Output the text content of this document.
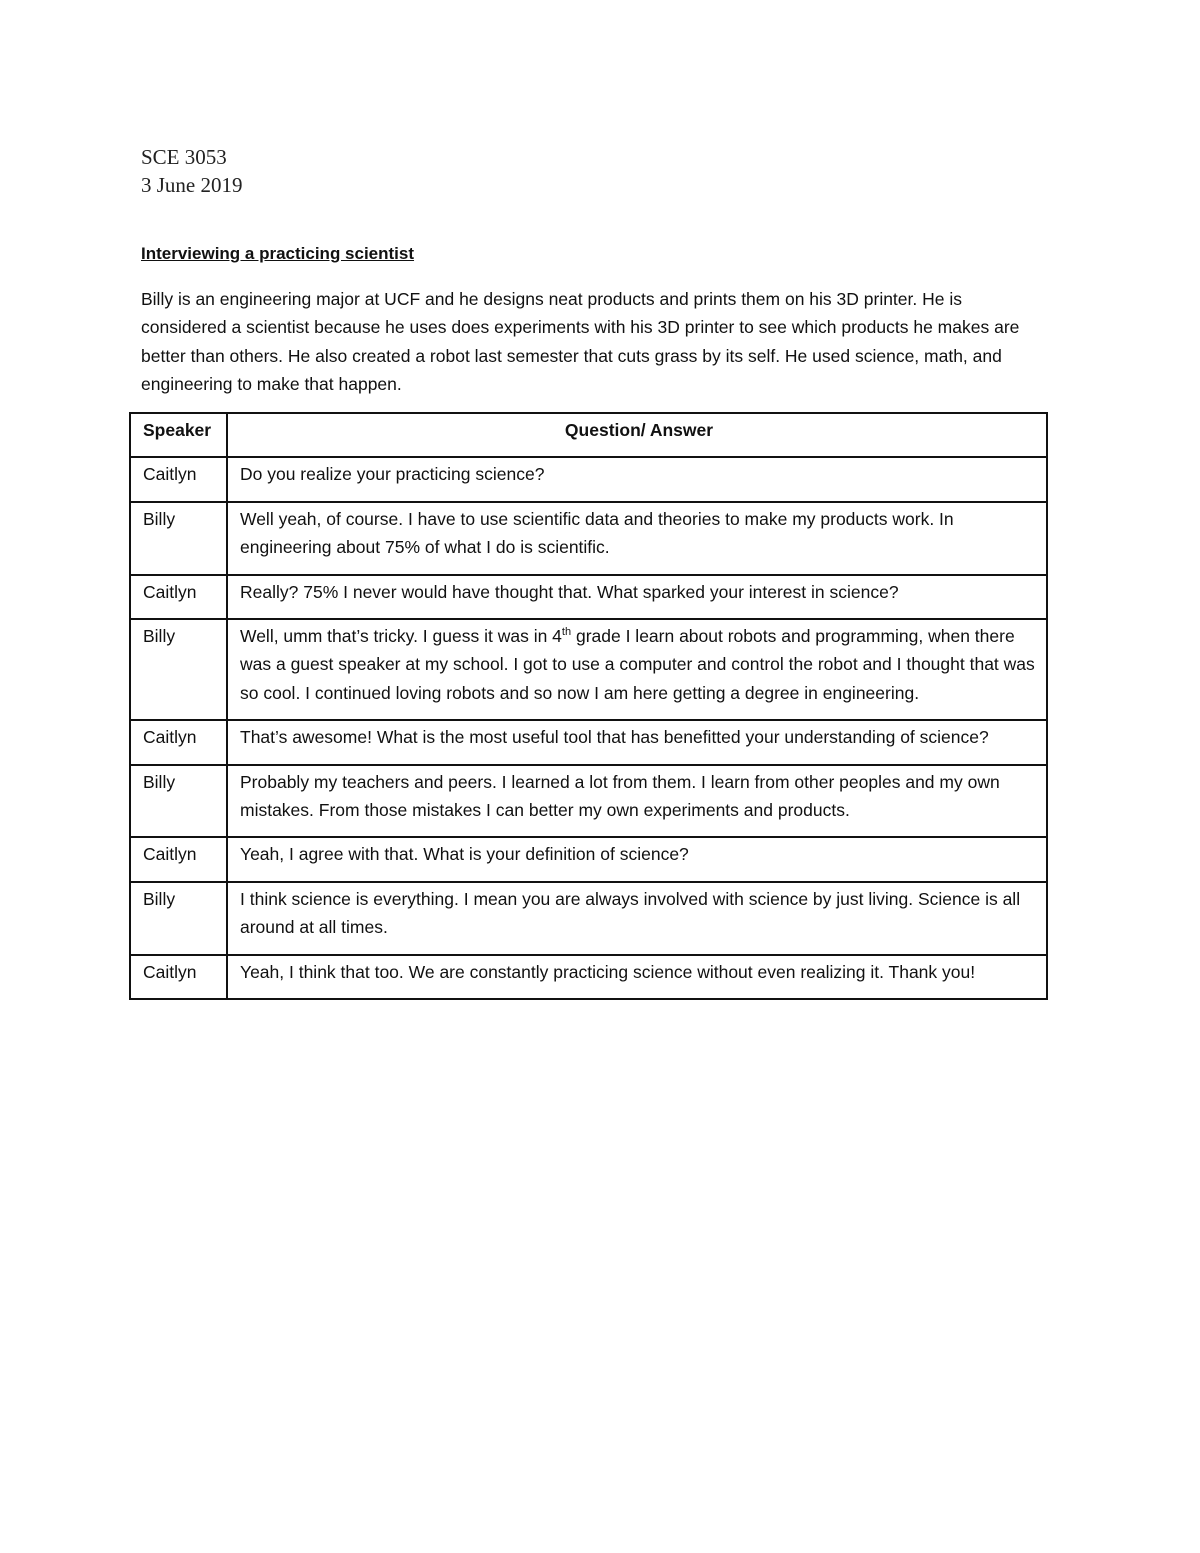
SCE 3053
3 June 2019
Interviewing a practicing scientist

Billy is an engineering major at UCF and he designs neat products and prints them on his 3D printer. He is considered a scientist because he uses does experiments with his 3D printer to see which products he makes are better than others. He also created a robot last semester that cuts grass by its self. He used science, math, and engineering to make that happen.

Speaker	Question/ Answer
Caitlyn	Do you realize your practicing science?
Billy	Well yeah, of course. I have to use scientific data and theories to make my products work. In engineering about 75% of what I do is scientific.
Caitlyn	Really? 75% I never would have thought that. What sparked your interest in science?
Billy	Well, umm that’s tricky. I guess it was in 4th grade I learn about robots and programming, when there was a guest speaker at my school. I got to use a computer and control the robot and I thought that was so cool. I continued loving robots and so now I am here getting a degree in engineering.
Caitlyn	That’s awesome! What is the most useful tool that has benefitted your understanding of science?
Billy	Probably my teachers and peers. I learned a lot from them. I learn from other peoples and my own mistakes. From those mistakes I can better my own experiments and products.
Caitlyn	Yeah, I agree with that. What is your definition of science?
Billy	I think science is everything. I mean you are always involved with science by just living. Science is all around at all times.
Caitlyn	Yeah, I think that too. We are constantly practicing science without even realizing it. Thank you!
